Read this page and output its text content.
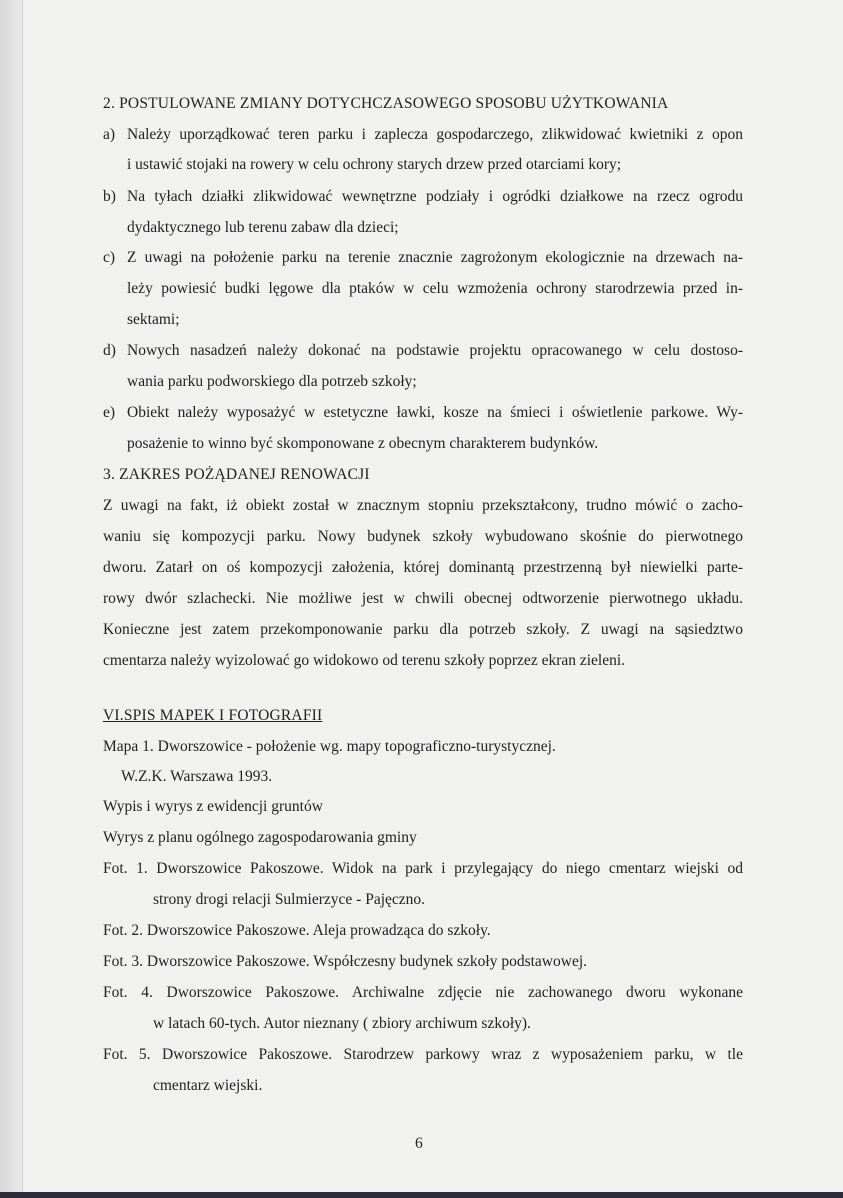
2. POSTULOWANE ZMIANY DOTYCHCZASOWEGO SPOSOBU UŻYTKOWANIA
a) Należy uporządkować teren parku i zaplecza gospodarczego, zlikwidować kwietniki z opon
i ustawić stojaki na rowery w celu ochrony starych drzew przed otarciami kory;
b) Na tyłach działki zlikwidować wewnętrzne podziały i ogródki działkowe na rzecz ogrodu
dydaktycznego lub terenu zabaw dla dzieci;
c) Z uwagi na położenie parku na terenie znacznie zagrożonym ekologicznie na drzewach na-
leży powiesić budki lęgowe dla ptaków w celu wzmożenia ochrony starodrzewia przed in-
sektami;
d) Nowych nasadzeń należy dokonać na podstawie projektu opracowanego w celu dostoso-
wania parku podworskiego dla potrzeb szkoły;
e) Obiekt należy wyposażyć w estetyczne ławki, kosze na śmieci i oświetlenie parkowe. Wy-
posażenie to winno być skomponowane z obecnym charakterem budynków.
3. ZAKRES POŻĄDANEJ RENOWACJI
Z uwagi na fakt, iż obiekt został w znacznym stopniu przekształcony, trudno mówić o zacho-
waniu się kompozycji parku. Nowy budynek szkoły wybudowano skośnie do pierwotnego
dworu. Zatarł on oś kompozycji założenia, której dominantą przestrzenną był niewielki parte-
rowy dwór szlachecki. Nie możliwe jest w chwili obecnej odtworzenie pierwotnego układu.
Konieczne jest zatem przekomponowanie parku dla potrzeb szkoły. Z uwagi na sąsiedztwo
cmentarza należy wyizolować go widokowo od terenu szkoły poprzez ekran zieleni.
VI.SPIS MAPEK I FOTOGRAFII
Mapa 1. Dworszowice - położenie wg. mapy topograficzno-turystycznej.
W.Z.K. Warszawa 1993.
Wypis i wyrys z ewidencji gruntów
Wyrys z planu ogólnego zagospodarowania gminy
Fot. 1. Dworszowice Pakoszowe. Widok na park i przylegający do niego cmentarz wiejski od
strony drogi relacji Sulmierzyce - Pajęczno.
Fot. 2. Dworszowice Pakoszowe. Aleja prowadząca do szkoły.
Fot. 3. Dworszowice Pakoszowe. Współczesny budynek szkoły podstawowej.
Fot. 4. Dworszowice Pakoszowe. Archiwalne zdjęcie nie zachowanego dworu wykonane
w latach 60-tych. Autor nieznany ( zbiory archiwum szkoły).
Fot. 5. Dworszowice Pakoszowe. Starodrzew parkowy wraz z wyposażeniem parku, w tle
cmentarz wiejski.
6
